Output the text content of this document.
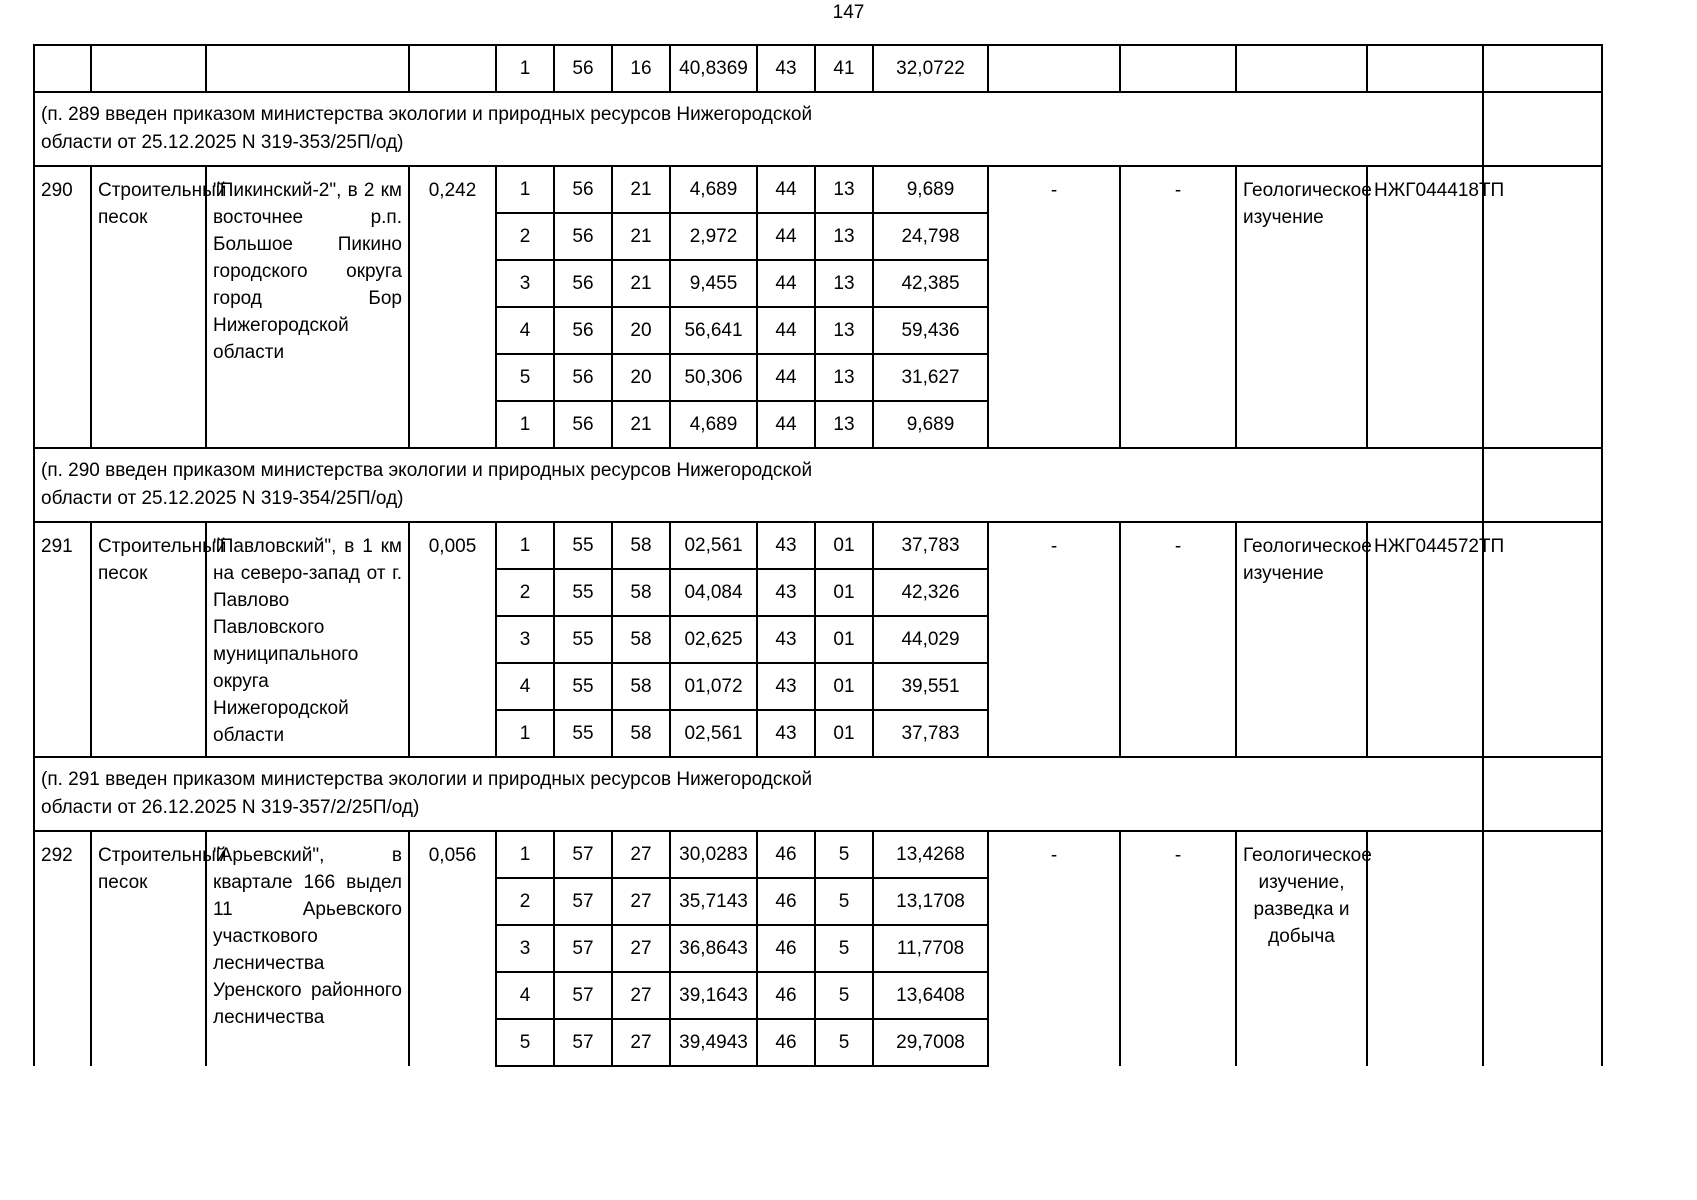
147
				1	56	16	40,8369	43	41	32,0722					

(п. 289 введен приказом министерства экологии и природных ресурсов Нижегородской
области от 25.12.2025 N 319-353/25П/од)															

290	Строительный песок	"Пикинский-2", в 2 км восточнее р.п. Большое Пикино городского округа город Бор Нижегородской области	0,242	1	56	21	4,689	44	13	9,689	-	-	Геологическое изучение	НЖГ044418ТП	
				2	56	21	2,972	44	13	24,798					
				3	56	21	9,455	44	13	42,385					
				4	56	20	56,641	44	13	59,436					
				5	56	20	50,306	44	13	31,627					
				1	56	21	4,689	44	13	9,689					

(п. 290 введен приказом министерства экологии и природных ресурсов Нижегородской
области от 25.12.2025 N 319-354/25П/од)															

291	Строительный песок	"Павловский", в 1 км на северо-запад от г. Павлово Павловского муниципального округа Нижегородской области	0,005	1	55	58	02,561	43	01	37,783	-	-	Геологическое изучение	НЖГ044572ТП	
				2	55	58	04,084	43	01	42,326					
				3	55	58	02,625	43	01	44,029					
				4	55	58	01,072	43	01	39,551					
				1	55	58	02,561	43	01	37,783					

(п. 291 введен приказом министерства экологии и природных ресурсов Нижегородской
области от 26.12.2025 N 319-357/2/25П/од)															

292	Строительный песок	"Арьевский", в квартале 166 выдел 11 Арьевского участкового лесничества Уренского районного лесничества	0,056	1	57	27	30,0283	46	5	13,4268	-	-	Геологическое изучение, разведка и добыча		
				2	57	27	35,7143	46	5	13,1708					
				3	57	27	36,8643	46	5	11,7708					
				4	57	27	39,1643	46	5	13,6408					
				5	57	27	39,4943	46	5	29,7008					
